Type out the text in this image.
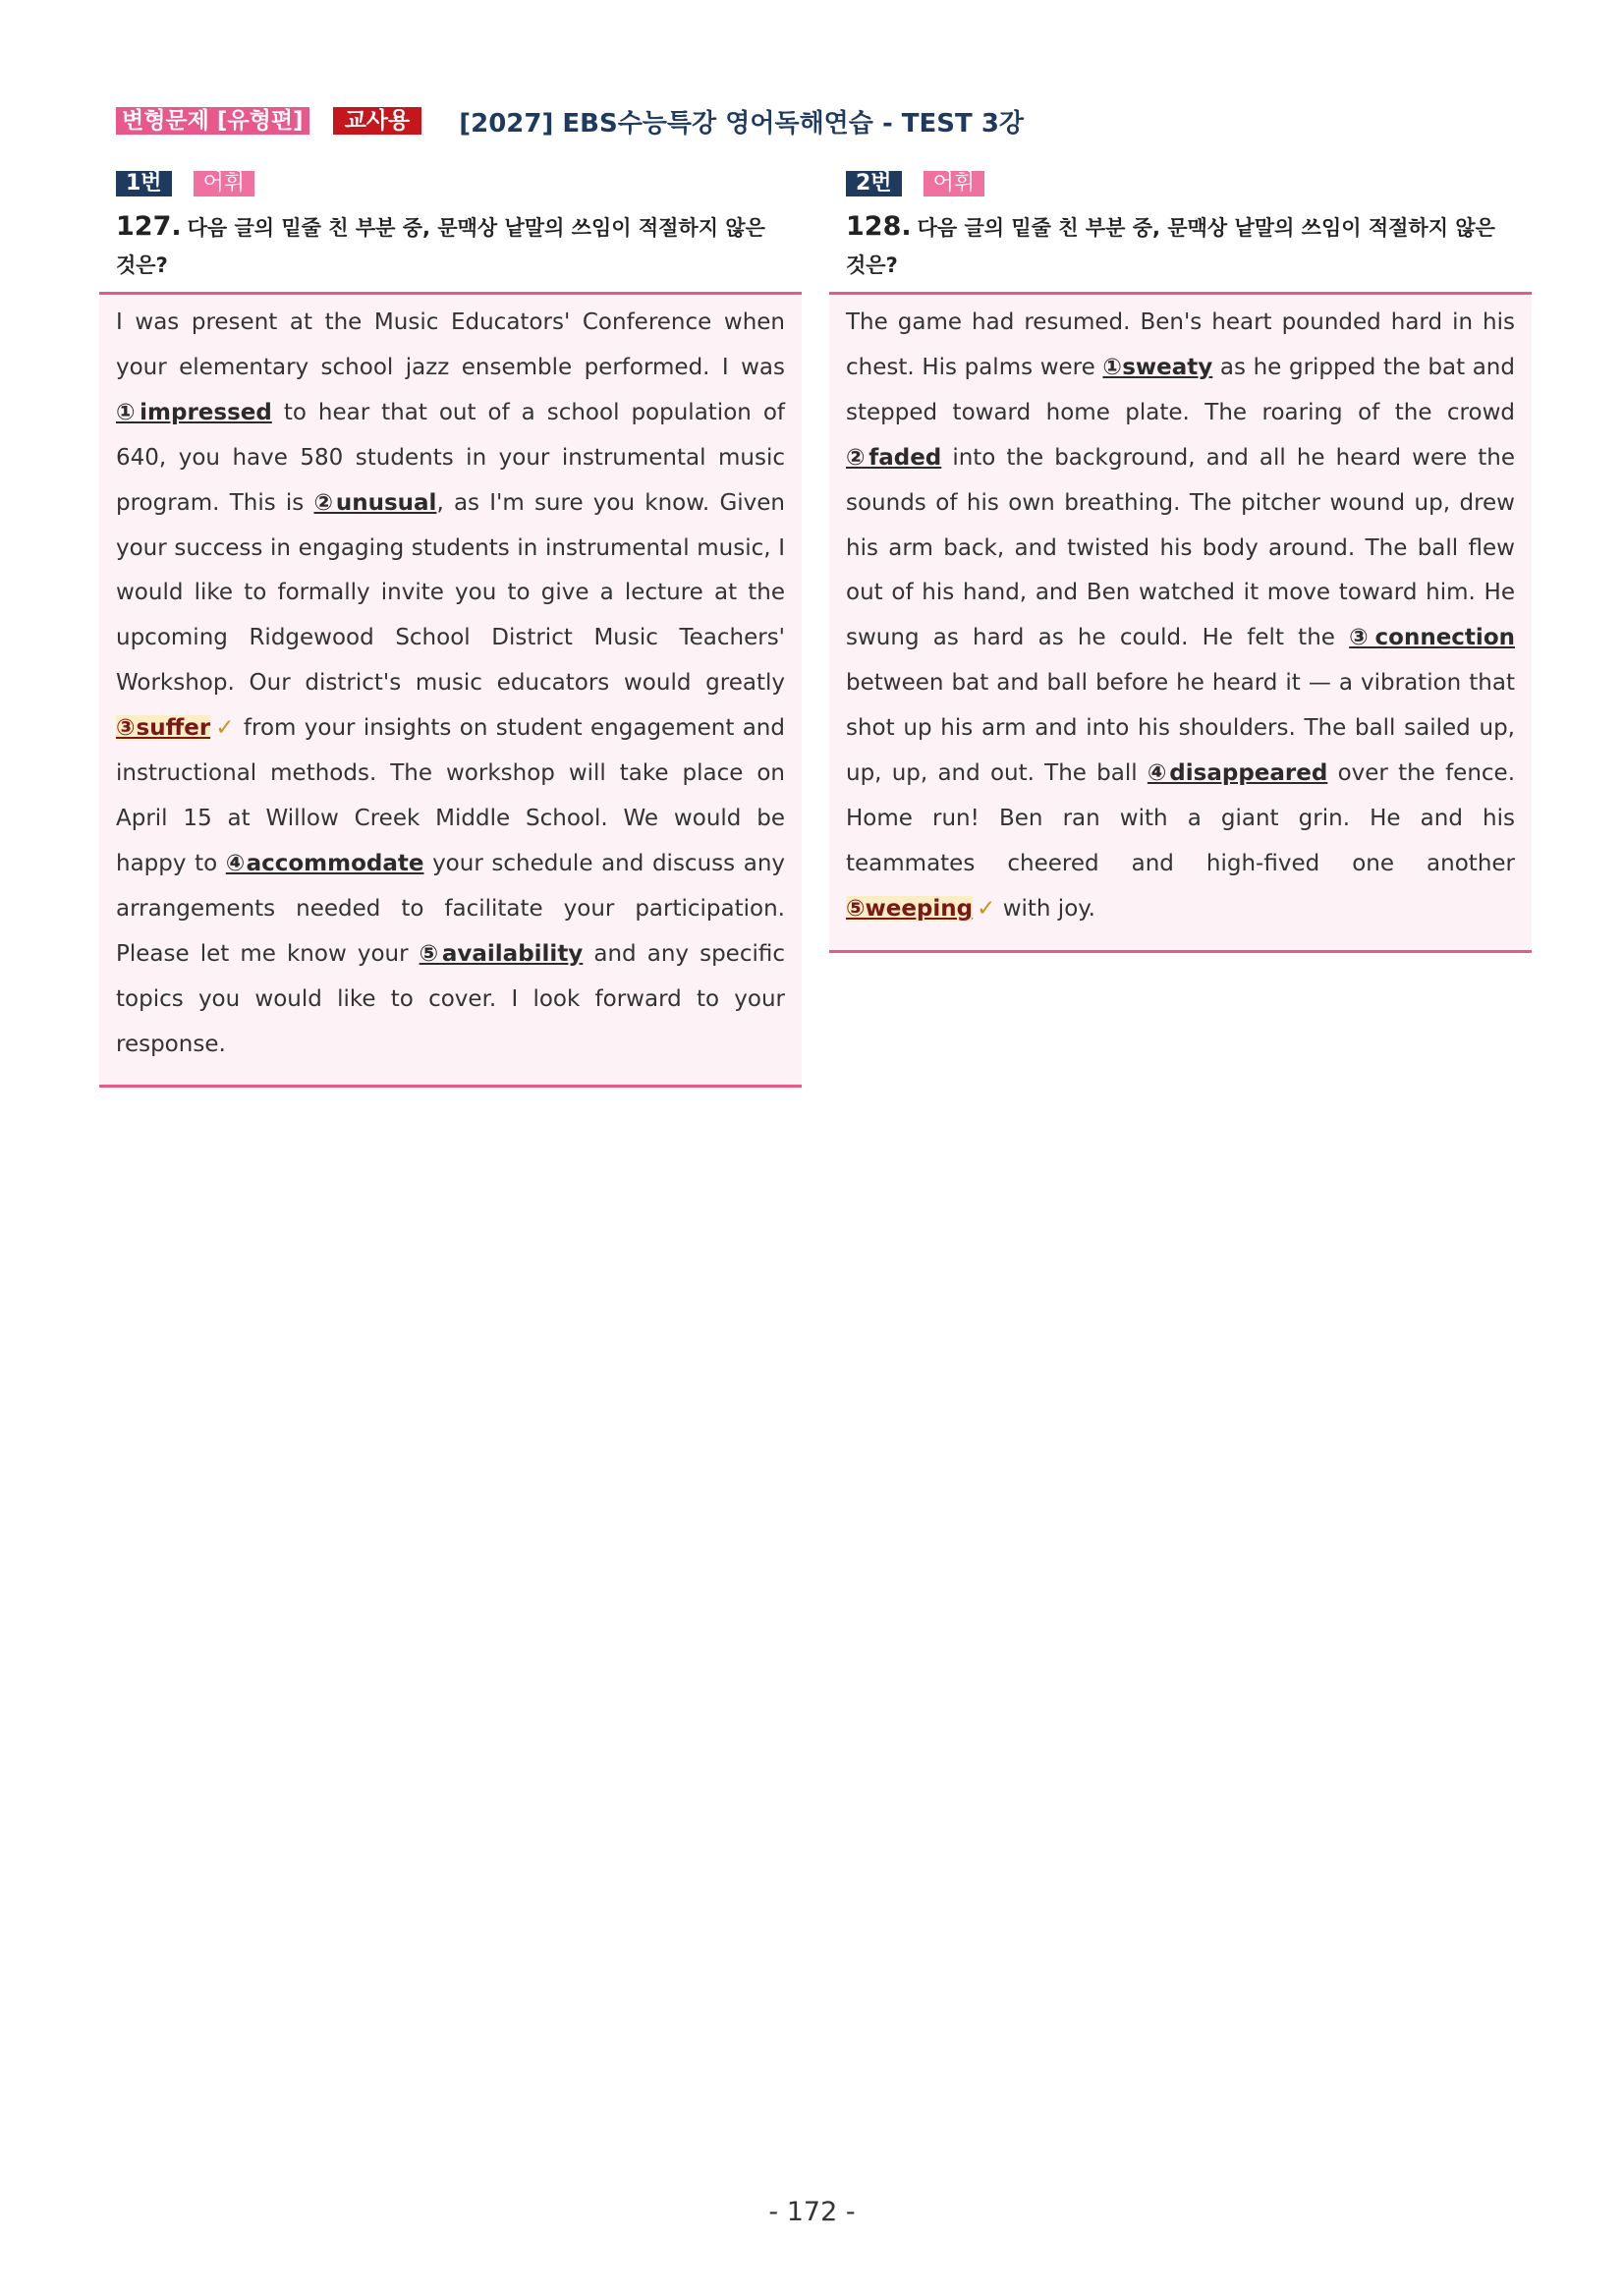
변형문제 [유형편]	교사용	[2027] EBS수능특강 영어독해연습 - TEST 3강
1번	어휘
127. 다음 글의 밑줄 친 부분 중, 문맥상 낱말의 쓰임이 적절하지 않은 것은?

I was present at the Music Educators' Conference when your elementary school jazz ensemble performed. I was ①impressed to hear that out of a school population of 640, you have 580 students in your instrumental music program. This is ②unusual, as I'm sure you know. Given your success in engaging students in instrumental music, I would like to formally invite you to give a lecture at the upcoming Ridgewood School District Music Teachers' Workshop. Our district's music educators would greatly ③suffer ✓ from your insights on student engagement and instructional methods. The workshop will take place on April 15 at Willow Creek Middle School. We would be happy to ④accommodate your schedule and discuss any arrangements needed to facilitate your participation. Please let me know your ⑤availability and any specific topics you would like to cover. I look forward to your response.

2번	어휘
128. 다음 글의 밑줄 친 부분 중, 문맥상 낱말의 쓰임이 적절하지 않은 것은?

The game had resumed. Ben's heart pounded hard in his chest. His palms were ①sweaty as he gripped the bat and stepped toward home plate. The roaring of the crowd ②faded into the background, and all he heard were the sounds of his own breathing. The pitcher wound up, drew his arm back, and twisted his body around. The ball flew out of his hand, and Ben watched it move toward him. He swung as hard as he could. He felt the ③connection between bat and ball before he heard it — a vibration that shot up his arm and into his shoulders. The ball sailed up, up, up, and out. The ball ④disappeared over the fence. Home run! Ben ran with a giant grin. He and his teammates cheered and high-fived one another ⑤weeping ✓ with joy.

- 172 -
